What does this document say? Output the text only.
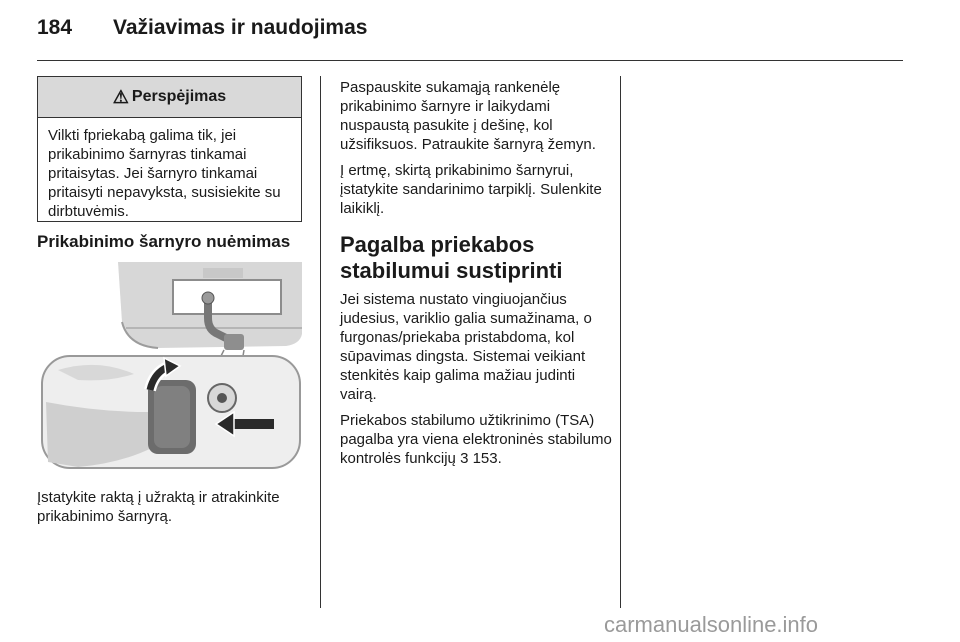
184 Važiavimas ir naudojimas
⚠ Perspėjimas
Vilkti fpriekabą galima tik, jei prikabinimo šarnyras tinkamai pritaisytas. Jei šarnyro tinkamai pritaisyti nepavyksta, susisiekite su dirbtuvėmis.
Prikabinimo šarnyro nuėmimas
Įstatykite raktą į užraktą ir atrakinkite prikabinimo šarnyrą.

Paspauskite sukamąją rankenėlę prikabinimo šarnyre ir laikydami nuspaustą pasukite į dešinę, kol užsifiksuos. Patraukite šarnyrą žemyn.

Į ertmę, skirtą prikabinimo šarnyrui, įstatykite sandarinimo tarpiklį. Sulenkite laikiklį.

Pagalba priekabos stabilumui sustiprinti

Jei sistema nustato vingiuojančius judesius, variklio galia sumažinama, o furgonas/priekaba pristabdoma, kol sūpavimas dingsta. Sistemai veikiant stenkitės kaip galima mažiau judinti vairą.

Priekabos stabilumo užtikrinimo (TSA) pagalba yra viena elektroninės stabilumo kontrolės funkcijų 3 153.

carmanualsonline.info
